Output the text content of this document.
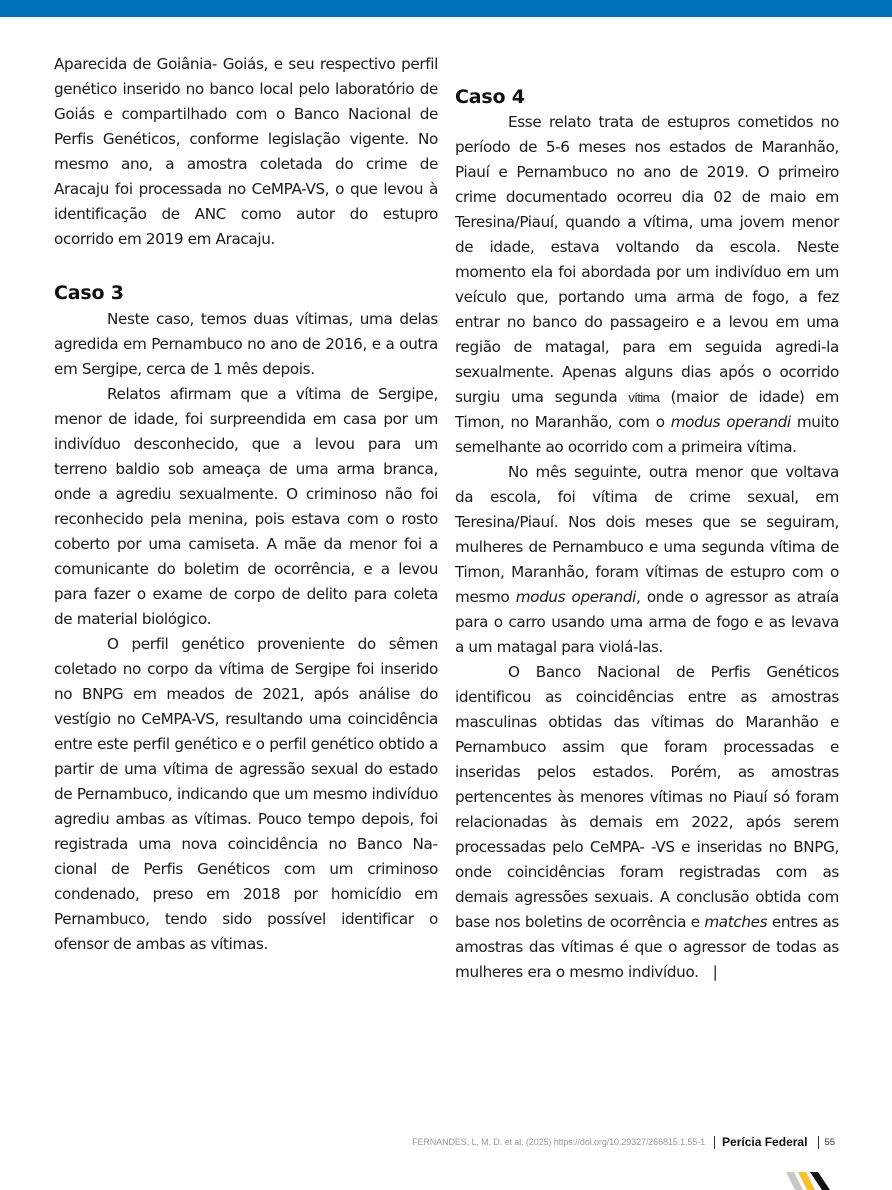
Aparecida de Goiânia- Goiás, e seu respectivo perfil genético inserido no banco local pelo laboratório de Goiás e compartilhado com o Banco Nacional de Perfis Genéticos, conforme legislação vigente. No mesmo ano, a amostra coletada do crime de Aracaju foi processada no CeMPA-VS, o que levou à identificação de ANC como autor do estupro ocorrido em 2019 em Aracaju.

Caso 3

Neste caso, temos duas vítimas, uma delas agredida em Pernambuco no ano de 2016, e a outra em Sergipe, cerca de 1 mês depois.

Relatos afirmam que a vítima de Sergipe, menor de idade, foi surpreendida em casa por um indivíduo desconhecido, que a levou para um terreno baldio sob ameaça de uma arma branca, onde a agrediu sexualmente. O criminoso não foi reconhecido pela menina, pois estava com o rosto coberto por uma camiseta. A mãe da menor foi a comunicante do boletim de ocorrência, e a levou para fazer o exame de corpo de delito para coleta de material biológico.

O perfil genético proveniente do sêmen coletado no corpo da vítima de Sergipe foi inserido no BNPG em meados de 2021, após análise do vestígio no CeMPA-VS, resultando uma coincidência entre este perfil genético e o perfil genético obtido a partir de uma vítima de agressão sexual do estado de Pernambuco, indicando que um mesmo indivíduo agrediu ambas as vítimas. Pouco tempo depois, foi registrada uma nova coincidência no Banco Nacional de Perfis Genéticos com um criminoso condenado, preso em 2018 por homicídio em Pernambuco, tendo sido possível identificar o ofensor de ambas as vítimas.

Caso 4

Esse relato trata de estupros cometidos no período de 5-6 meses nos estados de Maranhão, Piauí e Pernambuco no ano de 2019. O primeiro crime documentado ocorreu dia 02 de maio em Teresina/Piauí, quando a vítima, uma jovem menor de idade, estava voltando da escola. Neste momento ela foi abordada por um indivíduo em um veículo que, portando uma arma de fogo, a fez entrar no banco do passageiro e a levou em uma região de matagal, para em seguida agredi-la sexualmente. Apenas alguns dias após o ocorrido surgiu uma segunda vítima (maior de idade) em Timon, no Maranhão, com o modus operandi muito semelhante ao ocorrido com a primeira vítima.

No mês seguinte, outra menor que voltava da escola, foi vítima de crime sexual, em Teresina/Piauí. Nos dois meses que se seguiram, mulheres de Pernambuco e uma segunda vítima de Timon, Maranhão, foram vítimas de estupro com o mesmo modus operandi, onde o agressor as atraía para o carro usando uma arma de fogo e as levava a um matagal para violá-las.

O Banco Nacional de Perfis Genéticos identificou as coincidências entre as amostras masculinas obtidas das vítimas do Maranhão e Pernambuco assim que foram processadas e inseridas pelos estados. Porém, as amostras pertencentes às menores vítimas no Piauí só foram relacionadas às demais em 2022, após serem processadas pelo CeMPA- -VS e inseridas no BNPG, onde coincidências foram registradas com as demais agressões sexuais. A conclusão obtida com base nos boletins de ocorrência e matches entres as amostras das vítimas é que o agressor de todas as mulheres era o mesmo indivíduo. |

FERNANDES, L. M. D. et al. (2025) https://doi.org/10.29327/266815.1.55-1 Perícia Federal 55
